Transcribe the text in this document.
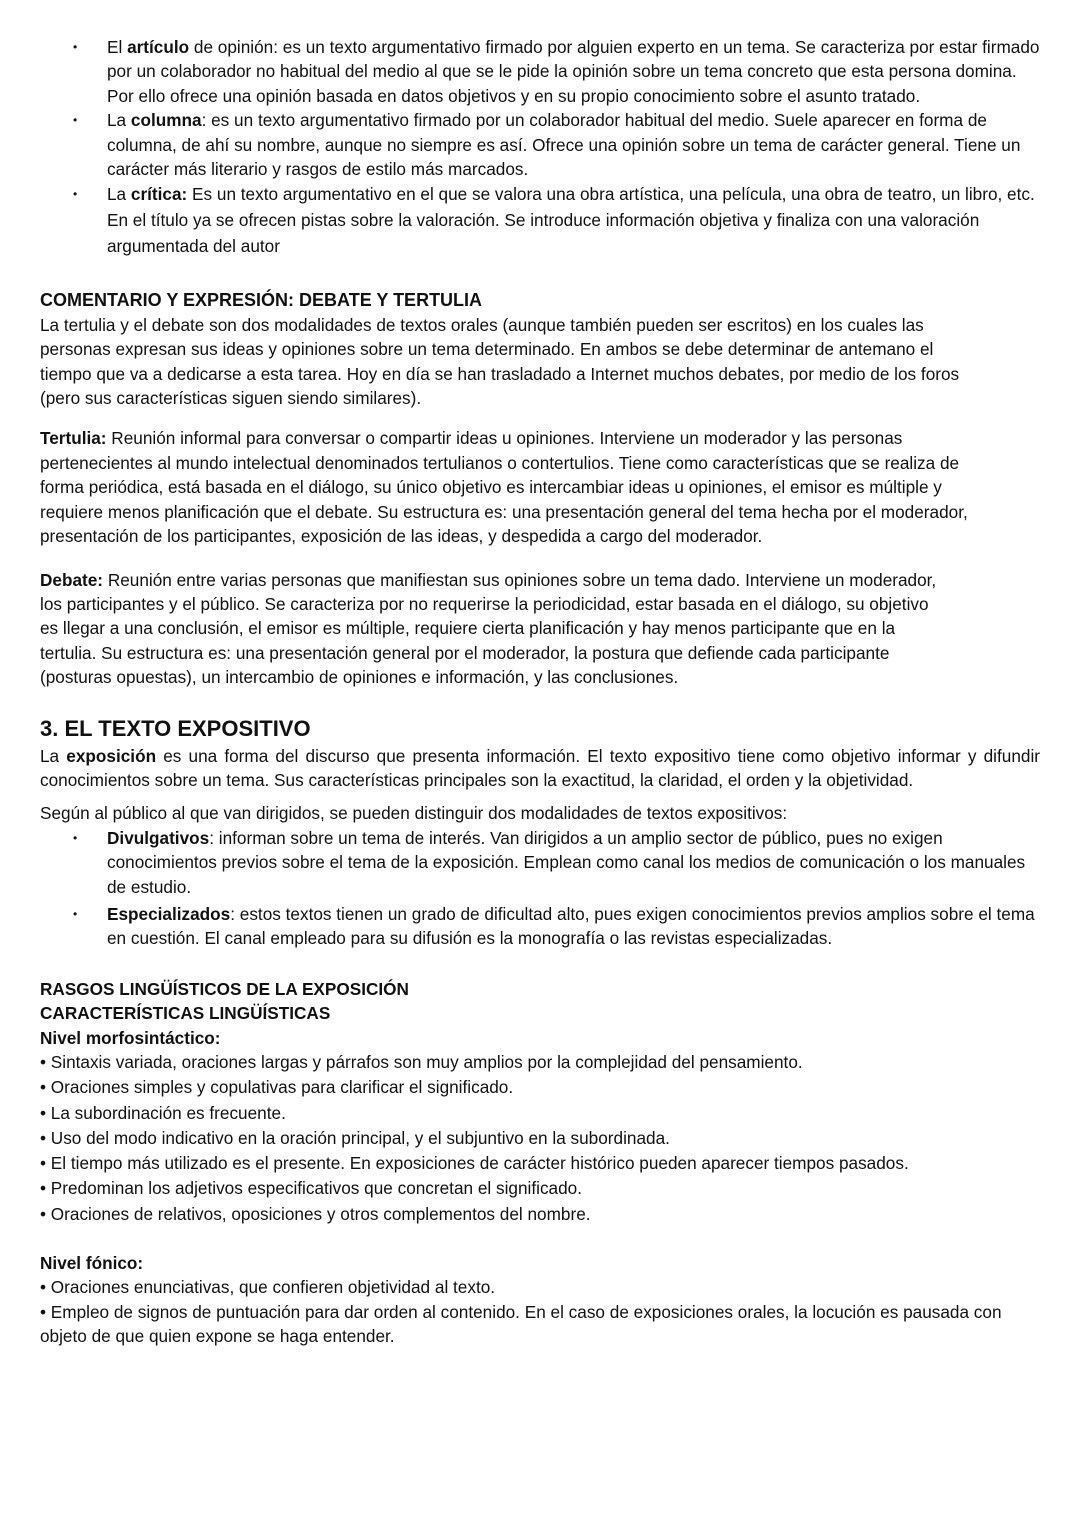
• El artículo de opinión: es un texto argumentativo firmado por alguien experto en un tema. Se caracteriza por estar firmado por un colaborador no habitual del medio al que se le pide la opinión sobre un tema concreto que esta persona domina. Por ello ofrece una opinión basada en datos objetivos y en su propio conocimiento sobre el asunto tratado.
• La columna: es un texto argumentativo firmado por un colaborador habitual del medio. Suele aparecer en forma de columna, de ahí su nombre, aunque no siempre es así. Ofrece una opinión sobre un tema de carácter general. Tiene un carácter más literario y rasgos de estilo más marcados.
• La crítica: Es un texto argumentativo en el que se valora una obra artística, una película, una obra de teatro, un libro, etc. En el título ya se ofrecen pistas sobre la valoración. Se introduce información objetiva y finaliza con una valoración argumentada del autor
COMENTARIO Y EXPRESIÓN: DEBATE Y TERTULIA

La tertulia y el debate son dos modalidades de textos orales (aunque también pueden ser escritos) en los cuales las personas expresan sus ideas y opiniones sobre un tema determinado. En ambos se debe determinar de antemano el tiempo que va a dedicarse a esta tarea. Hoy en día se han trasladado a Internet muchos debates, por medio de los foros (pero sus características siguen siendo similares).

Tertulia: Reunión informal para conversar o compartir ideas u opiniones. Interviene un moderador y las personas pertenecientes al mundo intelectual denominados tertulianos o contertulios. Tiene como características que se realiza de forma periódica, está basada en el diálogo, su único objetivo es intercambiar ideas u opiniones, el emisor es múltiple y requiere menos planificación que el debate. Su estructura es: una presentación general del tema hecha por el moderador, presentación de los participantes, exposición de las ideas, y despedida a cargo del moderador.

Debate: Reunión entre varias personas que manifiestan sus opiniones sobre un tema dado. Interviene un moderador, los participantes y el público. Se caracteriza por no requerirse la periodicidad, estar basada en el diálogo, su objetivo es llegar a una conclusión, el emisor es múltiple, requiere cierta planificación y hay menos participante que en la tertulia. Su estructura es: una presentación general por el moderador, la postura que defiende cada participante (posturas opuestas), un intercambio de opiniones e información, y las conclusiones.

3. EL TEXTO EXPOSITIVO

La exposición es una forma del discurso que presenta información. El texto expositivo tiene como objetivo informar y difundir conocimientos sobre un tema. Sus características principales son la exactitud, la claridad, el orden y la objetividad.

Según al público al que van dirigidos, se pueden distinguir dos modalidades de textos expositivos:

• Divulgativos: informan sobre un tema de interés. Van dirigidos a un amplio sector de público, pues no exigen conocimientos previos sobre el tema de la exposición. Emplean como canal los medios de comunicación o los manuales de estudio.
• Especializados: estos textos tienen un grado de dificultad alto, pues exigen conocimientos previos amplios sobre el tema en cuestión. El canal empleado para su difusión es la monografía o las revistas especializadas.
RASGOS LINGÜÍSTICOS DE LA EXPOSICIÓN
CARACTERÍSTICAS LINGÜÍSTICAS
Nivel morfosintáctico:
• Sintaxis variada, oraciones largas y párrafos son muy amplios por la complejidad del pensamiento.
• Oraciones simples y copulativas para clarificar el significado.
• La subordinación es frecuente.
• Uso del modo indicativo en la oración principal, y el subjuntivo en la subordinada.
• El tiempo más utilizado es el presente. En exposiciones de carácter histórico pueden aparecer tiempos pasados.
• Predominan los adjetivos especificativos que concretan el significado.
• Oraciones de relativos, oposiciones y otros complementos del nombre.
Nivel fónico:
• Oraciones enunciativas, que confieren objetividad al texto.
• Empleo de signos de puntuación para dar orden al contenido. En el caso de exposiciones orales, la locución es pausada con objeto de que quien expone se haga entender.
